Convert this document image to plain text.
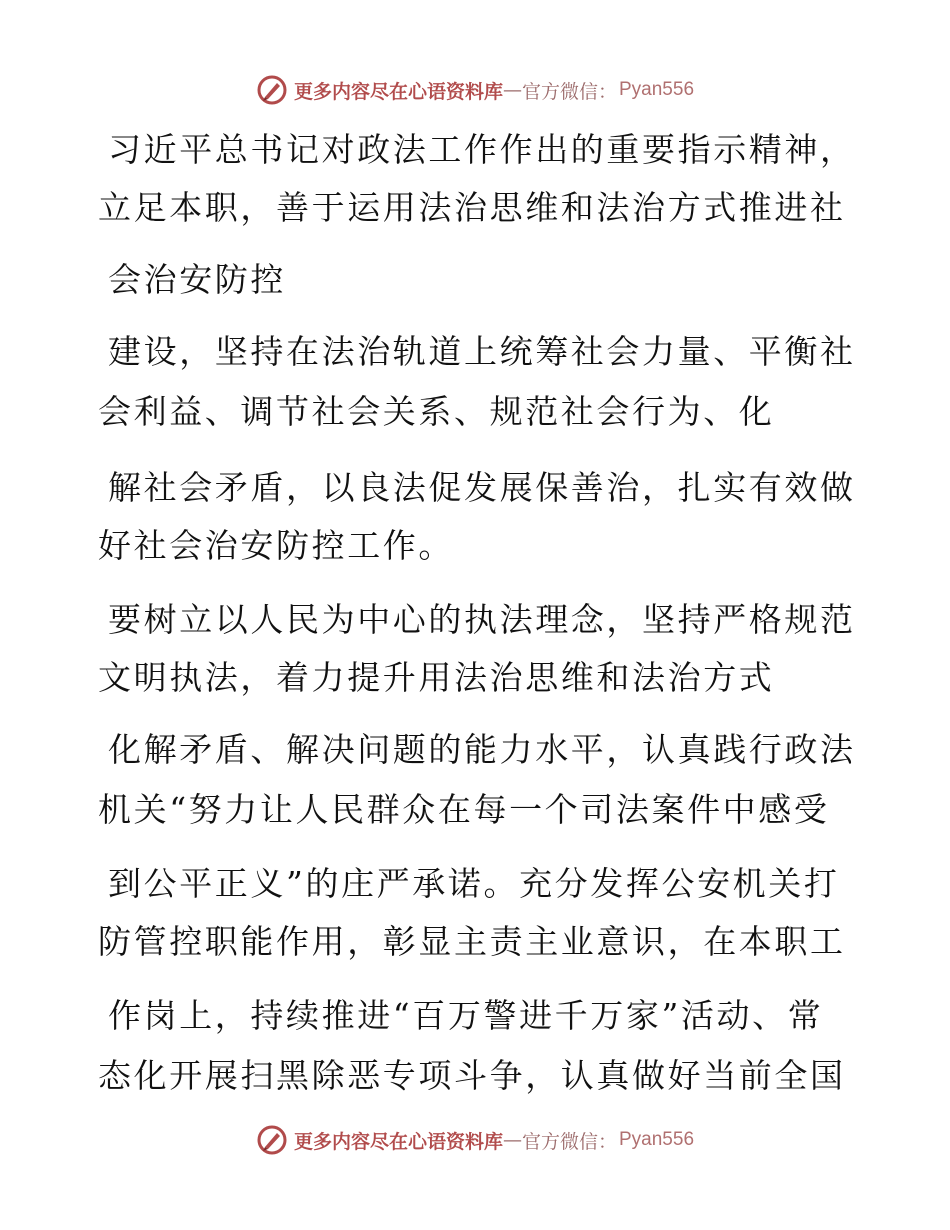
更多内容尽在心语资料库 — 官方微信： Pyan556
习近平总书记对政法工作作出的重要指示精神，
立足本职，善于运用法治思维和法治方式推进社
会治安防控
建设，坚持在法治轨道上统筹社会力量、平衡社
会利益、调节社会关系、规范社会行为、化
解社会矛盾，以良法促发展保善治，扎实有效做
好社会治安防控工作。
要树立以人民为中心的执法理念，坚持严格规范
文明执法，着力提升用法治思维和法治方式
化解矛盾、解决问题的能力水平，认真践行政法
机关“努力让人民群众在每一个司法案件中感受
到公平正义”的庄严承诺。充分发挥公安机关打
防管控职能作用，彰显主责主业意识，在本职工
作岗上，持续推进“百万警进千万家”活动、常
态化开展扫黑除恶专项斗争，认真做好当前全国
更多内容尽在心语资料库 — 官方微信： Pyan556
